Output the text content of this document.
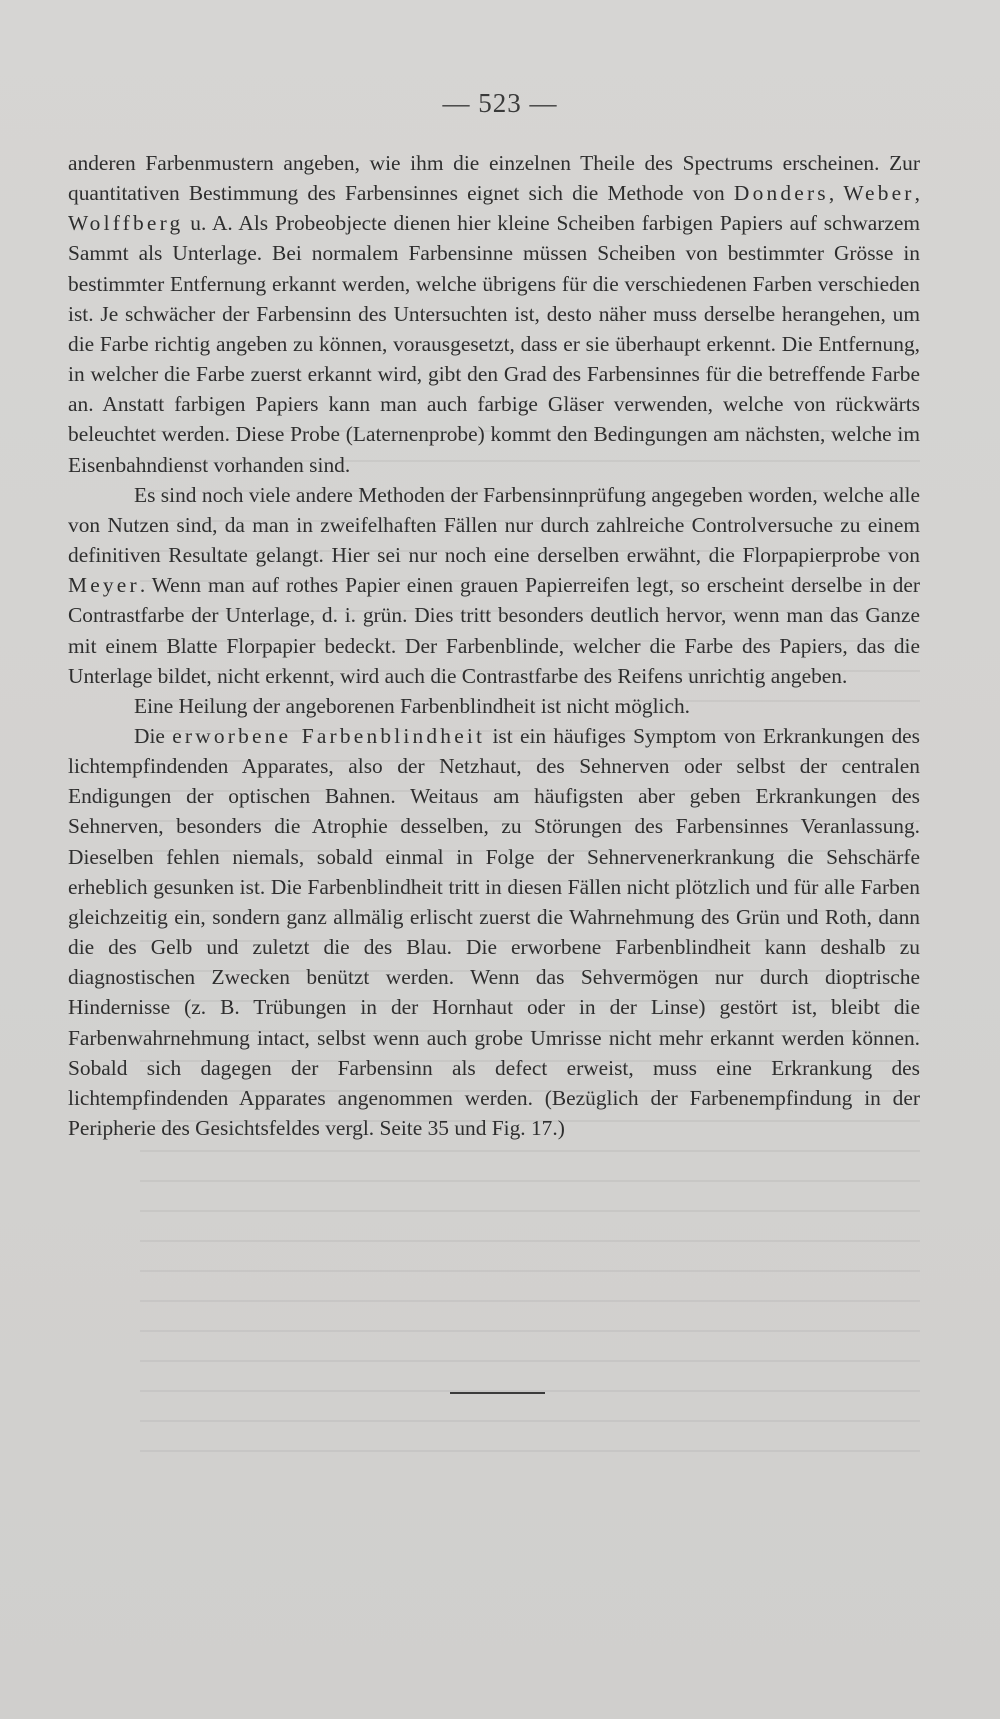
— 523 —

anderen Farbenmustern angeben, wie ihm die einzelnen Theile des Spectrums erscheinen. Zur quantitativen Bestimmung des Farbensinnes eignet sich die Methode von Donders, Weber, Wolffberg u. A. Als Probeobjecte dienen hier kleine Scheiben farbigen Papiers auf schwarzem Sammt als Unterlage. Bei normalem Farbensinne müssen Scheiben von bestimmter Grösse in bestimmter Entfernung erkannt werden, welche übrigens für die verschiedenen Farben verschieden ist. Je schwächer der Farbensinn des Untersuchten ist, desto näher muss derselbe herangehen, um die Farbe richtig angeben zu können, vorausgesetzt, dass er sie überhaupt erkennt. Die Entfernung, in welcher die Farbe zuerst erkannt wird, gibt den Grad des Farbensinnes für die betreffende Farbe an. Anstatt farbigen Papiers kann man auch farbige Gläser verwenden, welche von rückwärts beleuchtet werden. Diese Probe (Laternenprobe) kommt den Bedingungen am nächsten, welche im Eisenbahndienst vorhanden sind.

Es sind noch viele andere Methoden der Farbensinnprüfung angegeben worden, welche alle von Nutzen sind, da man in zweifelhaften Fällen nur durch zahlreiche Controlversuche zu einem definitiven Resultate gelangt. Hier sei nur noch eine derselben erwähnt, die Florpapierprobe von Meyer. Wenn man auf rothes Papier einen grauen Papierreifen legt, so erscheint derselbe in der Contrastfarbe der Unterlage, d. i. grün. Dies tritt besonders deutlich hervor, wenn man das Ganze mit einem Blatte Florpapier bedeckt. Der Farbenblinde, welcher die Farbe des Papiers, das die Unterlage bildet, nicht erkennt, wird auch die Contrastfarbe des Reifens unrichtig angeben.

Eine Heilung der angeborenen Farbenblindheit ist nicht möglich.

Die erworbene Farbenblindheit ist ein häufiges Symptom von Erkrankungen des lichtempfindenden Apparates, also der Netzhaut, des Sehnerven oder selbst der centralen Endigungen der optischen Bahnen. Weitaus am häufigsten aber geben Erkrankungen des Sehnerven, besonders die Atrophie desselben, zu Störungen des Farbensinnes Veranlassung. Dieselben fehlen niemals, sobald einmal in Folge der Sehnervenerkrankung die Sehschärfe erheblich gesunken ist. Die Farbenblindheit tritt in diesen Fällen nicht plötzlich und für alle Farben gleichzeitig ein, sondern ganz allmälig erlischt zuerst die Wahrnehmung des Grün und Roth, dann die des Gelb und zuletzt die des Blau. Die erworbene Farbenblindheit kann deshalb zu diagnostischen Zwecken benützt werden. Wenn das Sehvermögen nur durch dioptrische Hindernisse (z. B. Trübungen in der Hornhaut oder in der Linse) gestört ist, bleibt die Farbenwahrnehmung intact, selbst wenn auch grobe Umrisse nicht mehr erkannt werden können. Sobald sich dagegen der Farbensinn als defect erweist, muss eine Erkrankung des lichtempfindenden Apparates angenommen werden. (Bezüglich der Farbenempfindung in der Peripherie des Gesichtsfeldes vergl. Seite 35 und Fig. 17.)
